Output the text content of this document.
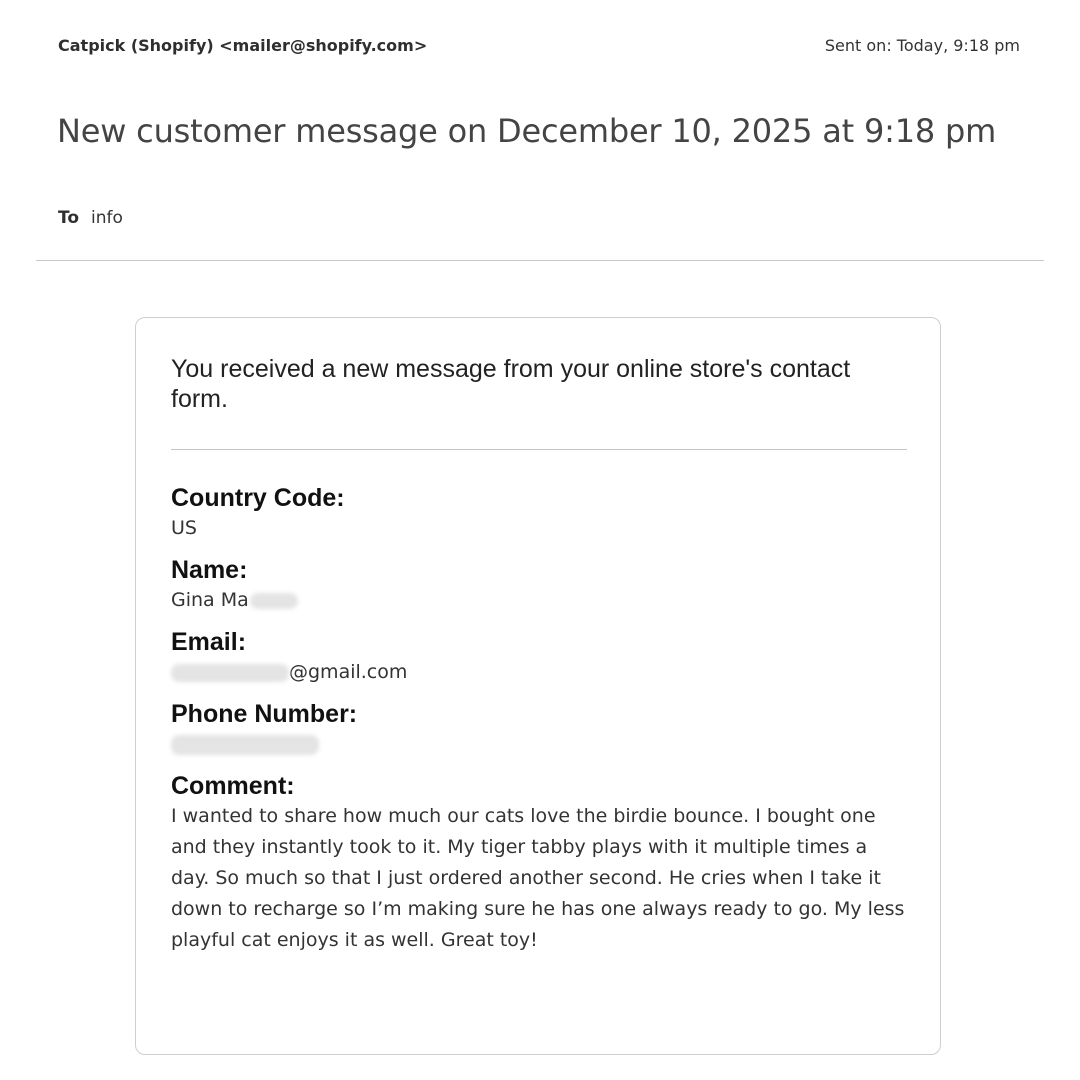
Catpick (Shopify) <mailer@shopify.com>	Sent on: Today, 9:18 pm
New customer message on December 10, 2025 at 9:18 pm
To info
You received a new message from your online store's contact form.
Country Code:
US
Name:
Gina Ma
Email:
@gmail.com
Phone Number:
Comment:
I wanted to share how much our cats love the birdie bounce. I bought one and they instantly took to it. My tiger tabby plays with it multiple times a day. So much so that I just ordered another second. He cries when I take it down to recharge so I’m making sure he has one always ready to go. My less playful cat enjoys it as well. Great toy!
